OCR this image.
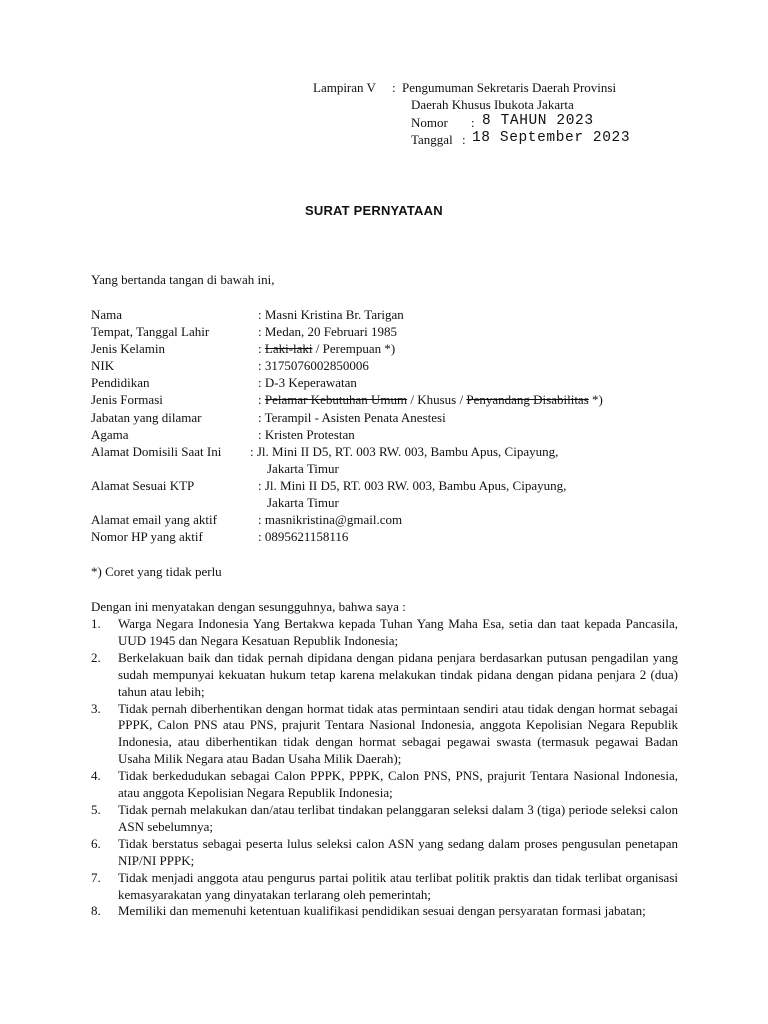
Lampiran V : Pengumuman Sekretaris Daerah Provinsi
Daerah Khusus Ibukota Jakarta
Nomor : 8 TAHUN 2023
Tanggal : 18 September 2023
SURAT PERNYATAAN
Yang bertanda tangan di bawah ini,
Nama	: Masni Kristina Br. Tarigan
Tempat, Tanggal Lahir	: Medan, 20 Februari 1985
Jenis Kelamin	: Laki-laki / Perempuan *)
NIK	: 3175076002850006
Pendidikan	: D-3 Keperawatan
Jenis Formasi	: Pelamar Kebutuhan Umum / Khusus / Penyandang Disabilitas *)
Jabatan yang dilamar	: Terampil - Asisten Penata Anestesi
Agama	: Kristen Protestan
Alamat Domisili Saat Ini : Jl. Mini II D5, RT. 003 RW. 003, Bambu Apus, Cipayung,
Jakarta Timur
Alamat Sesuai KTP	: Jl. Mini II D5, RT. 003 RW. 003, Bambu Apus, Cipayung,
Jakarta Timur
Alamat email yang aktif	: masnikristina@gmail.com
Nomor HP yang aktif	: 0895621158116
*) Coret yang tidak perlu
Dengan ini menyatakan dengan sesungguhnya, bahwa saya :
1. Warga Negara Indonesia Yang Bertakwa kepada Tuhan Yang Maha Esa, setia dan taat kepada Pancasila, UUD 1945 dan Negara Kesatuan Republik Indonesia;
2. Berkelakuan baik dan tidak pernah dipidana dengan pidana penjara berdasarkan putusan pengadilan yang sudah mempunyai kekuatan hukum tetap karena melakukan tindak pidana dengan pidana penjara 2 (dua) tahun atau lebih;
3. Tidak pernah diberhentikan dengan hormat tidak atas permintaan sendiri atau tidak dengan hormat sebagai PPPK, Calon PNS atau PNS, prajurit Tentara Nasional Indonesia, anggota Kepolisian Negara Republik Indonesia, atau diberhentikan tidak dengan hormat sebagai pegawai swasta (termasuk pegawai Badan Usaha Milik Negara atau Badan Usaha Milik Daerah);
4. Tidak berkedudukan sebagai Calon PPPK, PPPK, Calon PNS, PNS, prajurit Tentara Nasional Indonesia, atau anggota Kepolisian Negara Republik Indonesia;
5. Tidak pernah melakukan dan/atau terlibat tindakan pelanggaran seleksi dalam 3 (tiga) periode seleksi calon ASN sebelumnya;
6. Tidak berstatus sebagai peserta lulus seleksi calon ASN yang sedang dalam proses pengusulan penetapan NIP/NI PPPK;
7. Tidak menjadi anggota atau pengurus partai politik atau terlibat politik praktis dan tidak terlibat organisasi kemasyarakatan yang dinyatakan terlarang oleh pemerintah;
8. Memiliki dan memenuhi ketentuan kualifikasi pendidikan sesuai dengan persyaratan formasi jabatan;
